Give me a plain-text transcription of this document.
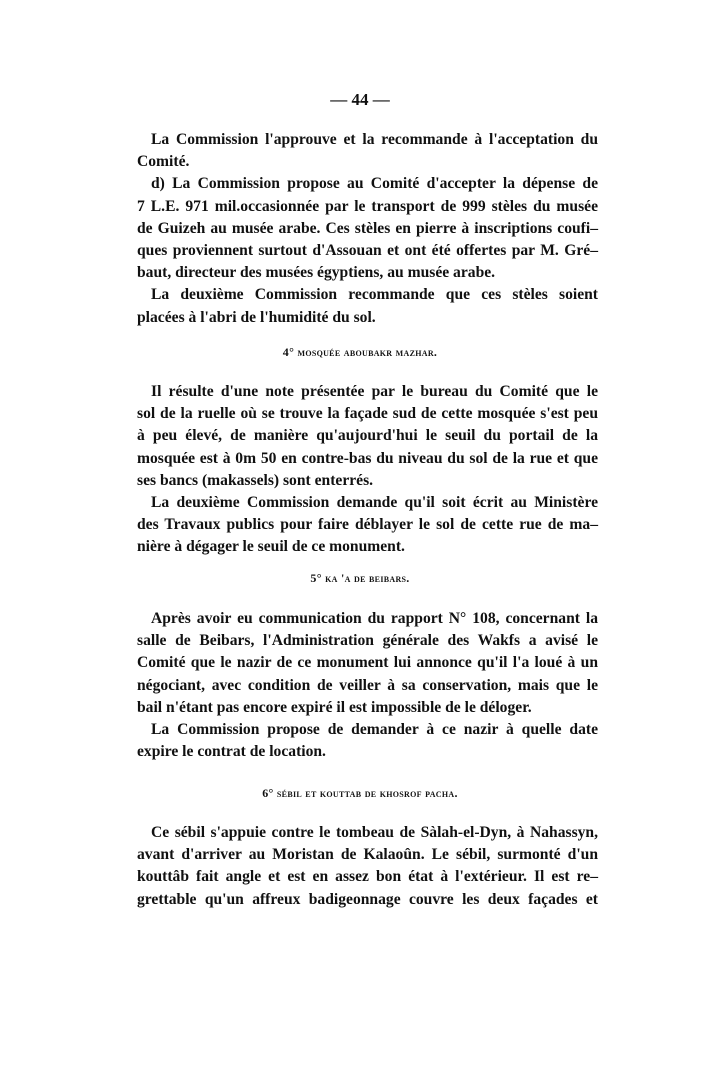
— 44 —
La Commission l'approuve et la recommande à l'acceptation du
Comité.
d) La Commission propose au Comité d'accepter la dépense de
7 L.E. 971 mil.occasionnée par le transport de 999 stèles du musée
de Guizeh au musée arabe. Ces stèles en pierre à inscriptions coufi–
ques proviennent surtout d'Assouan et ont été offertes par M. Gré–
baut, directeur des musées égyptiens, au musée arabe.
La deuxième Commission recommande que ces stèles soient
placées à l'abri de l'humidité du sol.
4° mosquée aboubakr mazhar.
Il résulte d'une note présentée par le bureau du Comité que le
sol de la ruelle où se trouve la façade sud de cette mosquée s'est peu
à peu élevé, de manière qu'aujourd'hui le seuil du portail de la
mosquée est à 0m 50 en contre-bas du niveau du sol de la rue et que
ses bancs (makassels) sont enterrés.
La deuxième Commission demande qu'il soit écrit au Ministère
des Travaux publics pour faire déblayer le sol de cette rue de ma–
nière à dégager le seuil de ce monument.
5° ka 'a de beibars.
Après avoir eu communication du rapport N° 108, concernant la
salle de Beibars, l'Administration générale des Wakfs a avisé le
Comité que le nazir de ce monument lui annonce qu'il l'a loué à un
négociant, avec condition de veiller à sa conservation, mais que le
bail n'étant pas encore expiré il est impossible de le déloger.
La Commission propose de demander à ce nazir à quelle date
expire le contrat de location.
6° sébil et kouttab de khosrof pacha.
Ce sébil s'appuie contre le tombeau de Sàlah-el-Dyn, à Nahassyn,
avant d'arriver au Moristan de Kalaoûn. Le sébil, surmonté d'un
kouttâb fait angle et est en assez bon état à l'extérieur. Il est re–
grettable qu'un affreux badigeonnage couvre les deux façades et
